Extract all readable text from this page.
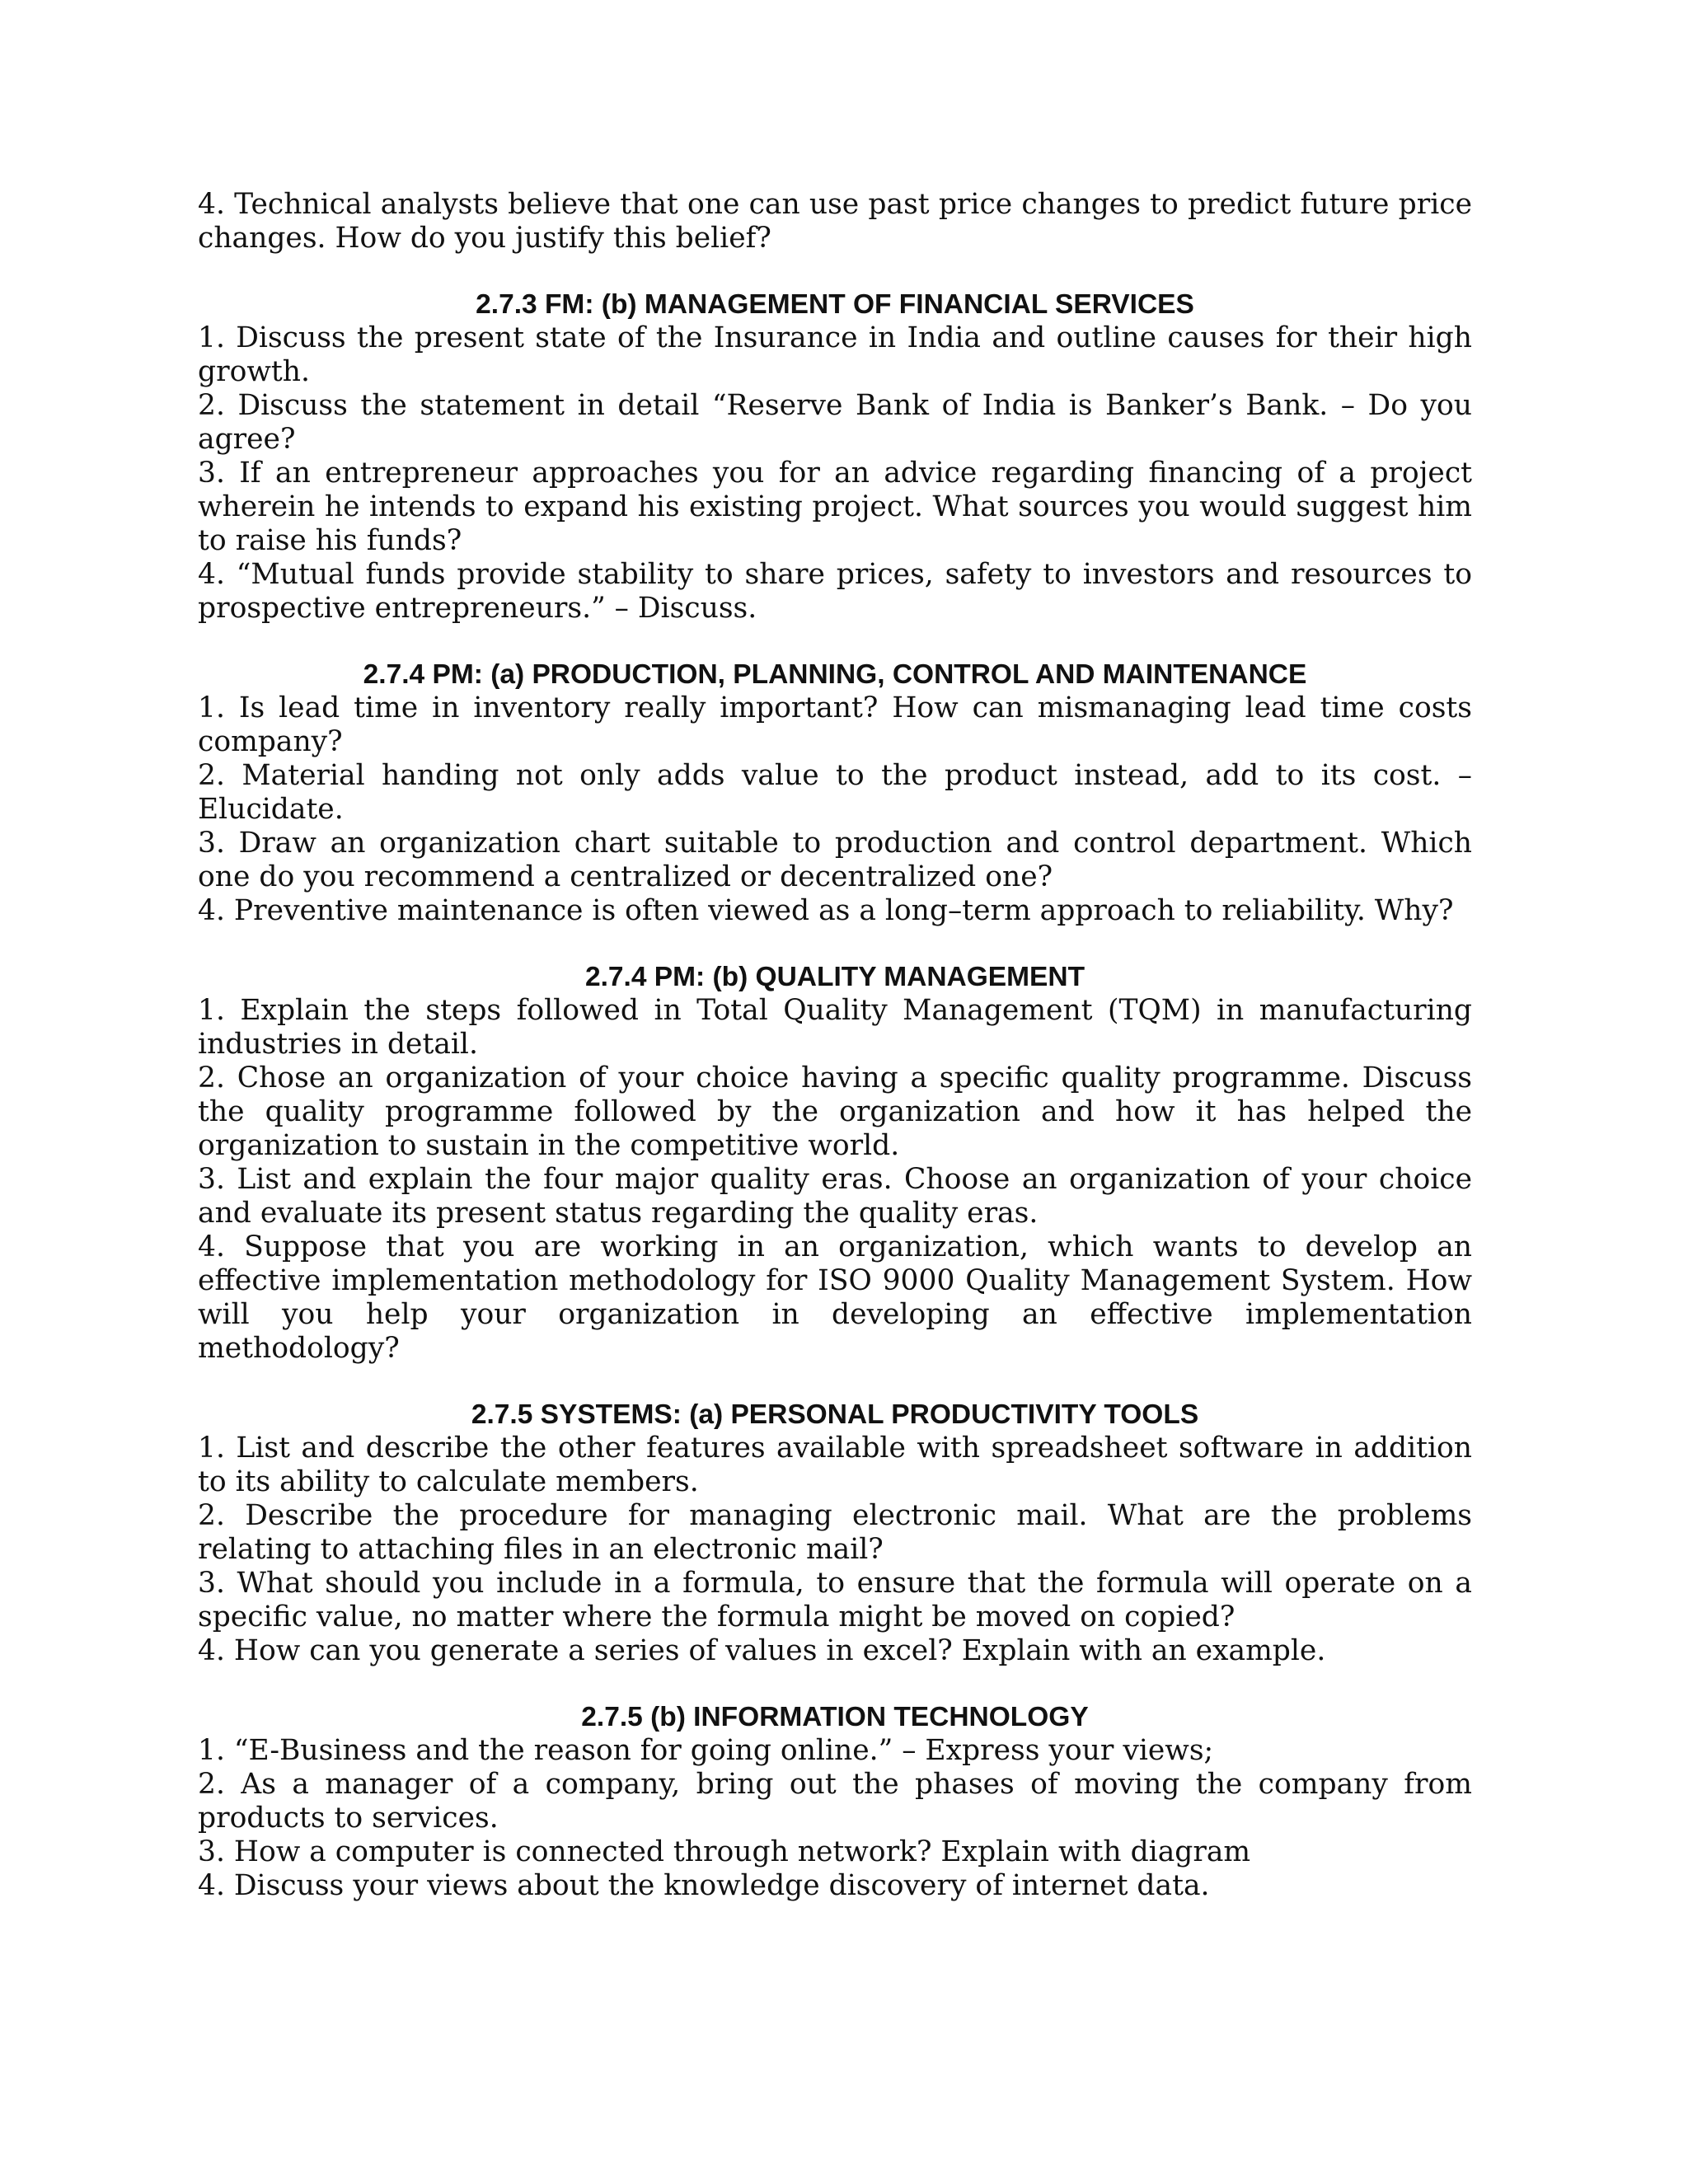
4. Technical analysts believe that one can use past price changes to predict future price changes. How do you justify this belief?

2.7.3 FM: (b) MANAGEMENT OF FINANCIAL SERVICES

1. Discuss the present state of the Insurance in India and outline causes for their high growth.

2. Discuss the statement in detail “Reserve Bank of India is Banker’s Bank. – Do you agree?

3. If an entrepreneur approaches you for an advice regarding financing of a project wherein he intends to expand his existing project. What sources you would suggest him to raise his funds?

4. “Mutual funds provide stability to share prices, safety to investors and resources to prospective entrepreneurs.” – Discuss.

2.7.4 PM: (a) PRODUCTION, PLANNING, CONTROL AND MAINTENANCE

1. Is lead time in inventory really important? How can mismanaging lead time costs company?

2. Material handing not only adds value to the product instead, add to its cost. – Elucidate.

3. Draw an organization chart suitable to production and control department. Which one do you recommend a centralized or decentralized one?

4. Preventive maintenance is often viewed as a long–term approach to reliability. Why?

2.7.4 PM: (b) QUALITY MANAGEMENT

1. Explain the steps followed in Total Quality Management (TQM) in manufacturing industries in detail.

2. Chose an organization of your choice having a specific quality programme. Discuss the quality programme followed by the organization and how it has helped the organization to sustain in the competitive world.

3. List and explain the four major quality eras. Choose an organization of your choice and evaluate its present status regarding the quality eras.

4. Suppose that you are working in an organization, which wants to develop an effective implementation methodology for ISO 9000 Quality Management System. How will you help your organization in developing an effective implementation methodology?

2.7.5 SYSTEMS: (a) PERSONAL PRODUCTIVITY TOOLS

1. List and describe the other features available with spreadsheet software in addition to its ability to calculate members.

2. Describe the procedure for managing electronic mail. What are the problems relating to attaching files in an electronic mail?

3. What should you include in a formula, to ensure that the formula will operate on a specific value, no matter where the formula might be moved on copied?

4. How can you generate a series of values in excel? Explain with an example.

2.7.5 (b) INFORMATION TECHNOLOGY

1. “E-Business and the reason for going online.” – Express your views;

2. As a manager of a company, bring out the phases of moving the company from products to services.

3. How a computer is connected through network? Explain with diagram

4. Discuss your views about the knowledge discovery of internet data.
